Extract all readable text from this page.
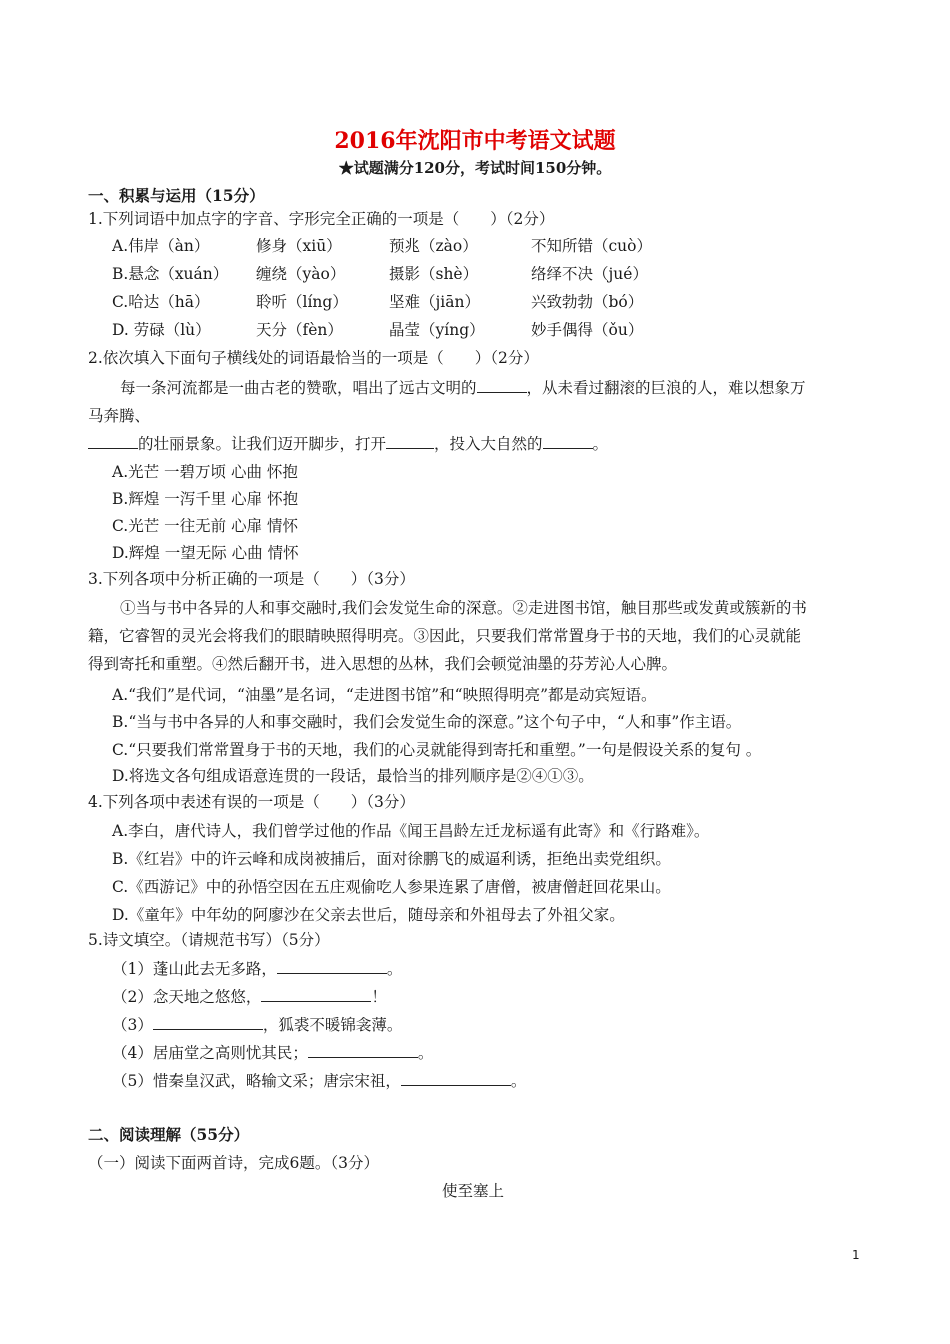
2016年沈阳市中考语文试题
★试题满分120分，考试时间150分钟。
一、积累与运用（15分）
1.下列词语中加点字的字音、字形完全正确的一项是（　　）（2分）
A.伟岸（àn）	修身（xiū）	预兆（zào）	不知所错（cuò）
B.悬念（xuán） 缠绕（yào）	摄影（shè）	络绎不决（jué）
C.哈达（hā）	聆听（líng）	坚难（jiān）	兴致勃勃（bó）
D. 劳碌（lù）	天分（fèn）	晶莹（yíng）	妙手偶得（ǒu）
2.依次填入下面句子横线处的词语最恰当的一项是（　　）（2分）
每一条河流都是一曲古老的赞歌，唱出了远古文明的	，从未看过翻滚的巨浪的人，难以想象万
马奔腾、
的壮丽景象。让我们迈开脚步，打开	，投入大自然的	。
A.光芒 一碧万顷 心曲 怀抱
B.辉煌 一泻千里 心扉 怀抱
C.光芒 一往无前 心扉 情怀
D.辉煌 一望无际 心曲 情怀
3.下列各项中分析正确的一项是（　　）（3分）
①当与书中各异的人和事交融时,我们会发觉生命的深意。②走进图书馆，触目那些或发黄或簇新的书
籍，它睿智的灵光会将我们的眼睛映照得明亮。③因此，只要我们常常置身于书的天地，我们的心灵就能
得到寄托和重塑。④然后翻开书，进入思想的丛林，我们会顿觉油墨的芬芳沁人心脾。
A.“我们”是代词，“油墨”是名词，“走进图书馆”和“映照得明亮”都是动宾短语。
B.“当与书中各异的人和事交融时，我们会发觉生命的深意。”这个句子中，“人和事”作主语。
C.“只要我们常常置身于书的天地，我们的心灵就能得到寄托和重塑。”一句是假设关系的复句 。
D.将选文各句组成语意连贯的一段话，最恰当的排列顺序是②④①③。
4.下列各项中表述有误的一项是（　　）（3分）
A.李白，唐代诗人，我们曾学过他的作品《闻王昌龄左迁龙标遥有此寄》和《行路难》。
B.《红岩》中的许云峰和成岗被捕后，面对徐鹏飞的威逼利诱，拒绝出卖党组织。
C.《西游记》中的孙悟空因在五庄观偷吃人参果连累了唐僧，被唐僧赶回花果山。
D.《童年》中年幼的阿廖沙在父亲去世后，随母亲和外祖母去了外祖父家。
5.诗文填空。（请规范书写）（5分）
（1）蓬山此去无多路，	。
（2）念天地之悠悠，	！
（3）	，狐裘不暖锦衾薄。
（4）居庙堂之高则忧其民；	。
（5）惜秦皇汉武，略输文采；唐宗宋祖，	。
二、阅读理解（55分）
（一）阅读下面两首诗，完成6题。（3分）
使至塞上
1
